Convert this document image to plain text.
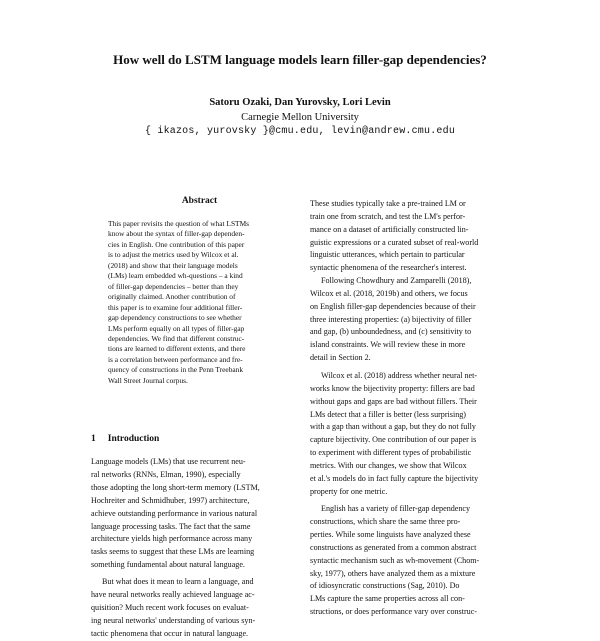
How well do LSTM language models learn filler-gap dependencies?
Satoru Ozaki, Dan Yurovsky, Lori Levin
Carnegie Mellon University
{ ikazos, yurovsky }@cmu.edu, levin@andrew.cmu.edu
Abstract
This paper revisits the question of what LSTMs
know about the syntax of filler-gap dependen-
cies in English. One contribution of this paper
is to adjust the metrics used by Wilcox et al.
(2018) and show that their language models
(LMs) learn embedded wh-questions – a kind
of filler-gap dependencies – better than they
originally claimed. Another contribution of
this paper is to examine four additional filler-
gap dependency constructions to see whether
LMs perform equally on all types of filler-gap
dependencies. We find that different construc-
tions are learned to different extents, and there
is a correlation between performance and fre-
quency of constructions in the Penn Treebank
Wall Street Journal corpus.
1 Introduction
Language models (LMs) that use recurrent neu-
ral networks (RNNs, Elman, 1990), especially
those adopting the long short-term memory (LSTM,
Hochreiter and Schmidhuber, 1997) architecture,
achieve outstanding performance in various natural
language processing tasks. The fact that the same
architecture yields high performance across many
tasks seems to suggest that these LMs are learning
something fundamental about natural language.
But what does it mean to learn a language, and
have neural networks really achieved language ac-
quisition? Much recent work focuses on evaluat-
ing neural networks' understanding of various syn-
tactic phenomena that occur in natural language.
These studies typically take a pre-trained LM or
train one from scratch, and test the LM's perfor-
mance on a dataset of artificially constructed lin-
guistic expressions or a curated subset of real-world
linguistic utterances, which pertain to particular
syntactic phenomena of the researcher's interest.
Following Chowdhury and Zamparelli (2018),
Wilcox et al. (2018, 2019b) and others, we focus
on English filler-gap dependencies because of their
three interesting properties: (a) bijectivity of filler
and gap, (b) unboundedness, and (c) sensitivity to
island constraints. We will review these in more
detail in Section 2.
Wilcox et al. (2018) address whether neural net-
works know the bijectivity property: fillers are bad
without gaps and gaps are bad without fillers. Their
LMs detect that a filler is better (less surprising)
with a gap than without a gap, but they do not fully
capture bijectivity. One contribution of our paper is
to experiment with different types of probabilistic
metrics. With our changes, we show that Wilcox
et al.'s models do in fact fully capture the bijectivity
property for one metric.
English has a variety of filler-gap dependency
constructions, which share the same three pro-
perties. While some linguists have analyzed these
constructions as generated from a common abstract
syntactic mechanism such as wh-movement (Chom-
sky, 1977), others have analyzed them as a mixture
of idiosyncratic constructions (Sag, 2010). Do
LMs capture the same properties across all con-
structions, or does performance vary over construc-
